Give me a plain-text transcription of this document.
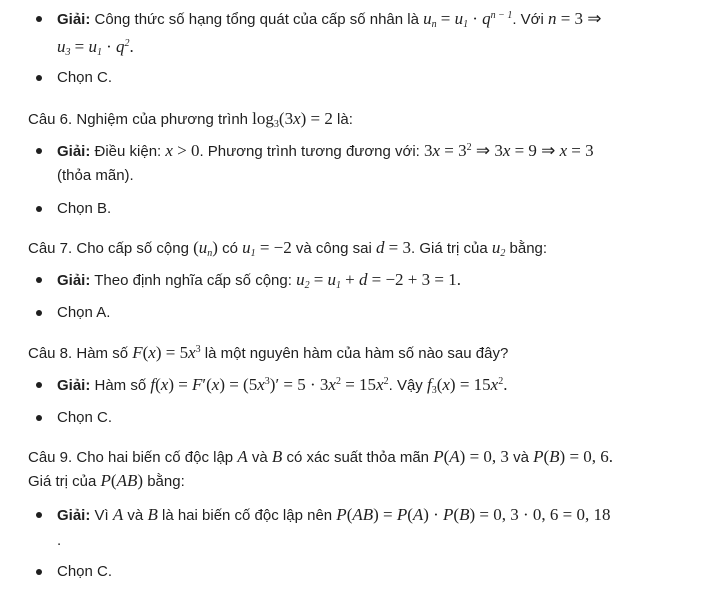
Giải: Công thức số hạng tổng quát của cấp số nhân là $u_n = u_1 \cdot q^{n - 1}$. Với n = 3 ⇒
$u_3 = u_1 \cdot q^2$.
Chọn C.
Câu 6. Nghiệm của phương trình $\log_3(3x) = 2$ là:
Giải: Điều kiện: x > 0. Phương trình tương đương với: $3x = 3^2$ ⇒ 3x = 9 ⇒ x = 3
(thỏa mãn).
Chọn B.
Câu 7. Cho cấp số cộng $(u_n)$ có $u_1 = -2$ và công sai d = 3. Giá trị của $u_2$ bằng:
Giải: Theo định nghĩa cấp số cộng: $u_2 = u_1 + d = -2 + 3 = 1$.
Chọn A.
Câu 8. Hàm số $F(x) = 5x^3$ là một nguyên hàm của hàm số nào sau đây?
Giải: Hàm số $f(x) = F'(x) = (5x^3)' = 5 \cdot 3x^2 = 15x^2$. Vậy $f_3(x) = 15x^2$.
Chọn C.
Câu 9. Cho hai biến cố độc lập A và B có xác suất thỏa mãn P(A) = 0, 3 và P(B) = 0, 6.
Giá trị của P(AB) bằng:
Giải: Vì A và B là hai biến cố độc lập nên P(AB) = P(A) · P(B) = 0, 3 · 0, 6 = 0, 18
.
Chọn C.
